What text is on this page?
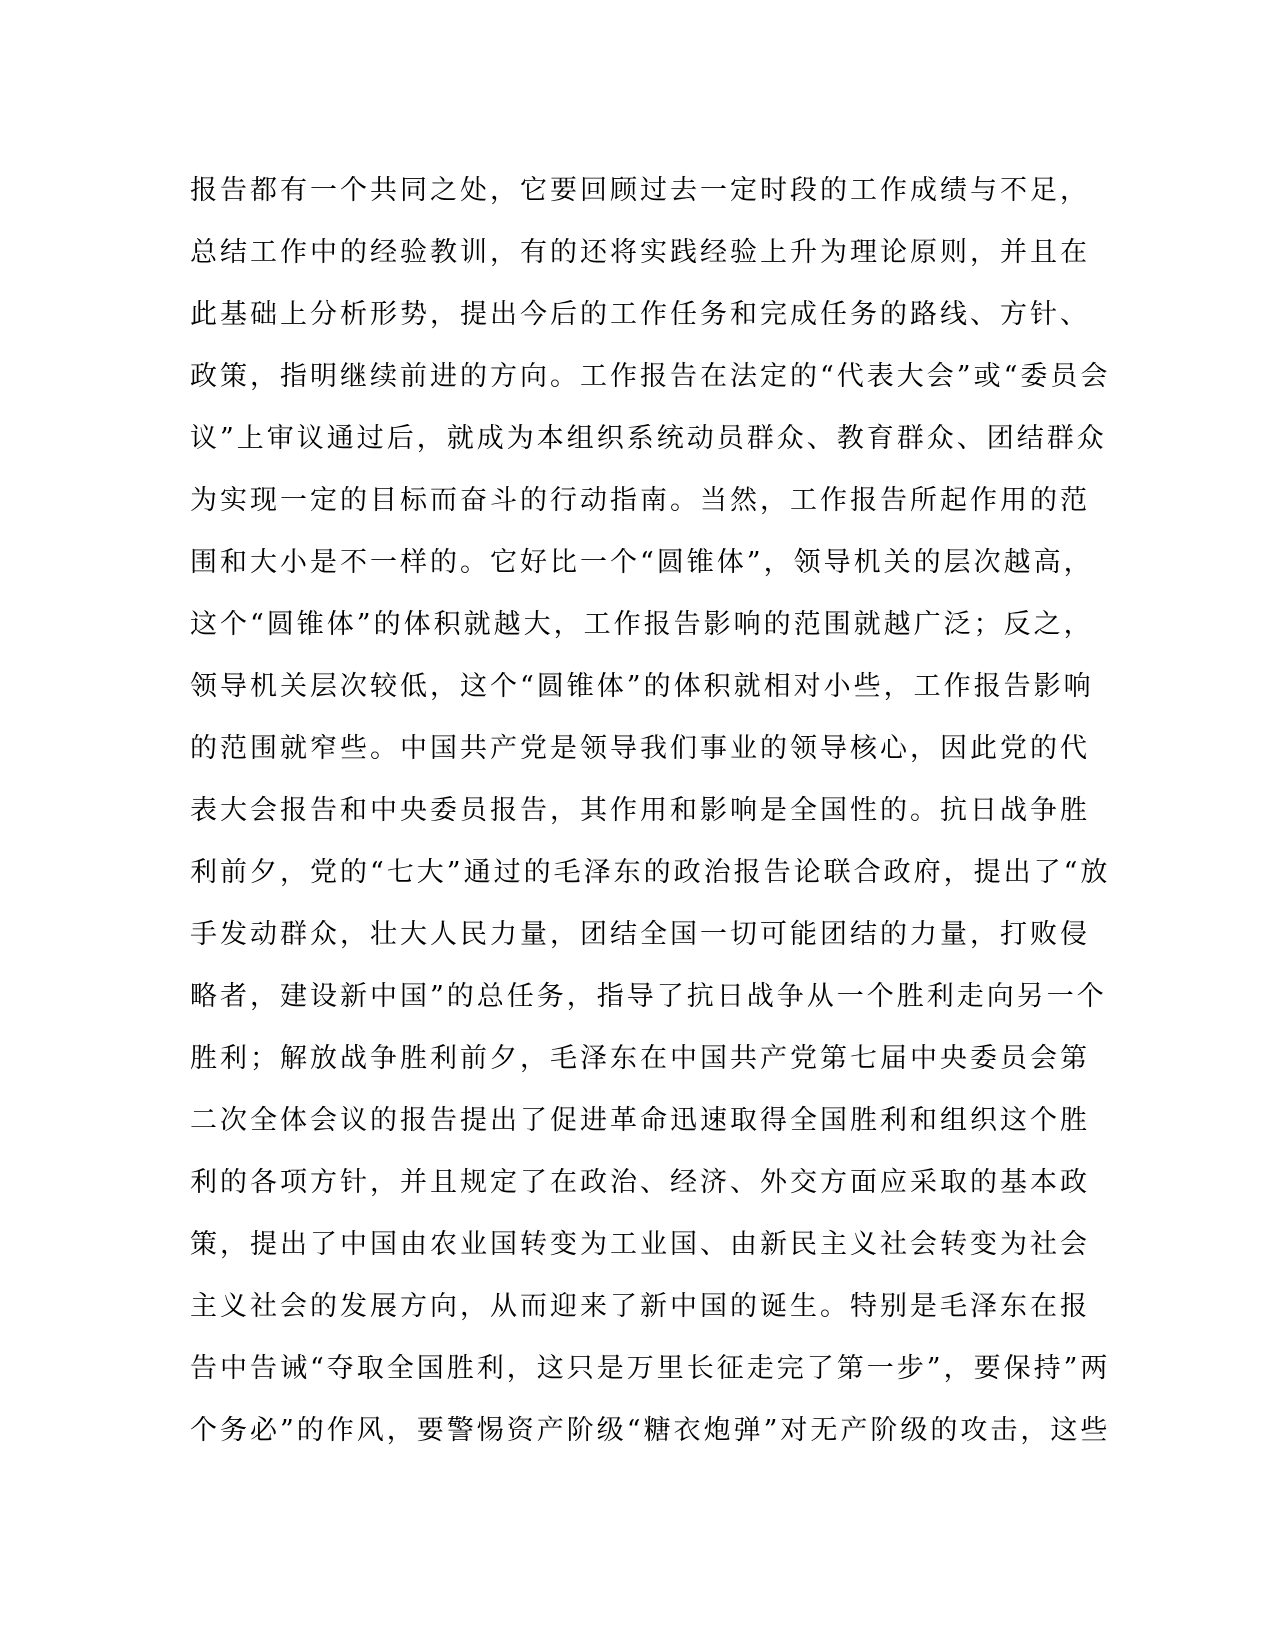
报告都有一个共同之处，它要回顾过去一定时段的工作成绩与不足，
总结工作中的经验教训，有的还将实践经验上升为理论原则，并且在
此基础上分析形势，提出今后的工作任务和完成任务的路线、方针、
政策，指明继续前进的方向。工作报告在法定的“代表大会”或“委员会
议”上审议通过后，就成为本组织系统动员群众、教育群众、团结群众
为实现一定的目标而奋斗的行动指南。当然，工作报告所起作用的范
围和大小是不一样的。它好比一个“圆锥体”，领导机关的层次越高，
这个“圆锥体”的体积就越大，工作报告影响的范围就越广泛；反之，
领导机关层次较低，这个“圆锥体”的体积就相对小些，工作报告影响
的范围就窄些。中国共产党是领导我们事业的领导核心，因此党的代
表大会报告和中央委员报告，其作用和影响是全国性的。抗日战争胜
利前夕，党的“七大”通过的毛泽东的政治报告论联合政府，提出了“放
手发动群众，壮大人民力量，团结全国一切可能团结的力量，打败侵
略者，建设新中国”的总任务，指导了抗日战争从一个胜利走向另一个
胜利；解放战争胜利前夕，毛泽东在中国共产党第七届中央委员会第
二次全体会议的报告提出了促进革命迅速取得全国胜利和组织这个胜
利的各项方针，并且规定了在政治、经济、外交方面应采取的基本政
策，提出了中国由农业国转变为工业国、由新民主义社会转变为社会
主义社会的发展方向，从而迎来了新中国的诞生。特别是毛泽东在报
告中告诫“夺取全国胜利，这只是万里长征走完了第一步”，要保持”两
个务必”的作风，要警惕资产阶级“糖衣炮弹”对无产阶级的攻击，这些
